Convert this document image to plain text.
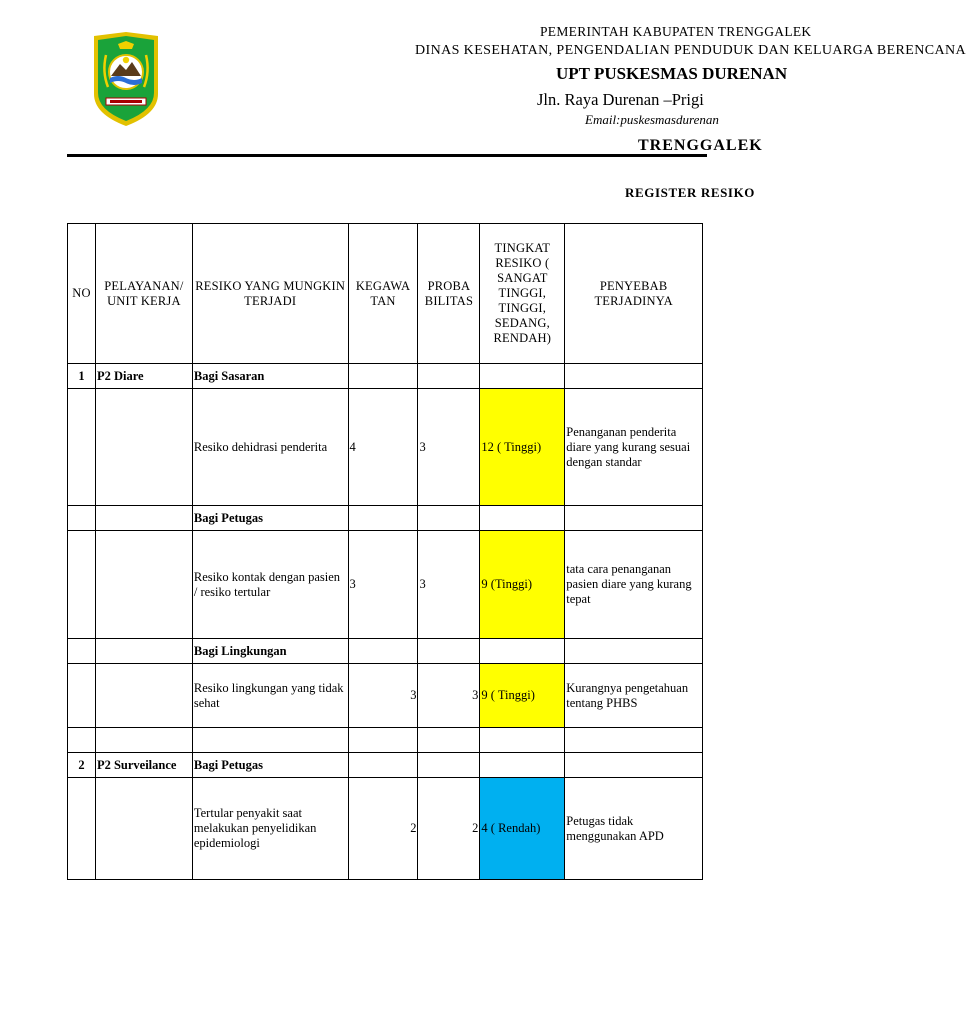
PEMERINTAH KABUPATEN TRENGGALEK
DINAS KESEHATAN, PENGENDALIAN PENDUDUK DAN KELUARGA BERENCANA
UPT PUSKESMAS DURENAN
Jln. Raya Durenan –Prigi
Email:puskesmasdurenan
TRENGGALEK
REGISTER RESIKO
NO	PELAYANAN/ UNIT KERJA	RESIKO YANG MUNGKIN TERJADI	KEGAWA TAN	PROBA BILITAS	TINGKAT RESIKO ( SANGAT TINGGI, TINGGI, SEDANG, RENDAH)	PENYEBAB TERJADINYA
1	P2 Diare	Bagi Sasaran				
		Resiko dehidrasi penderita	4	3	12 ( Tinggi)	Penanganan penderita diare yang kurang sesuai dengan standar
		Bagi Petugas				
		Resiko kontak dengan pasien / resiko tertular	3	3	9 (Tinggi)	tata cara penanganan pasien diare yang kurang tepat
		Bagi Lingkungan				
		Resiko lingkungan yang tidak sehat	3	3	9 ( Tinggi)	Kurangnya pengetahuan tentang PHBS

2	P2 Surveilance	Bagi Petugas				
		Tertular penyakit saat melakukan penyelidikan epidemiologi	2	2	4 ( Rendah)	Petugas tidak menggunakan APD
